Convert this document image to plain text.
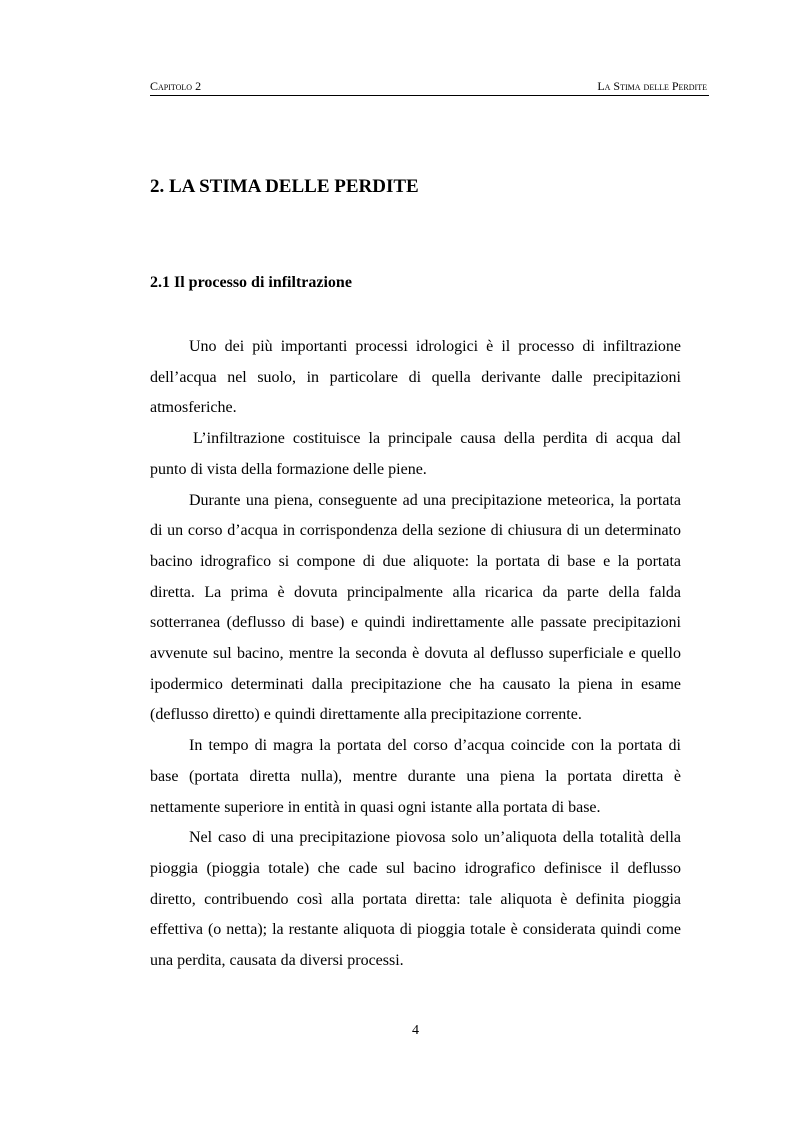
Capitolo 2	La Stima delle Perdite
2. LA STIMA DELLE PERDITE
2.1 Il processo di infiltrazione

Uno dei più importanti processi idrologici è il processo di infiltrazione dell’acqua nel suolo, in particolare di quella derivante dalle precipitazioni atmosferiche.

L’infiltrazione costituisce la principale causa della perdita di acqua dal punto di vista della formazione delle piene.

Durante una piena, conseguente ad una precipitazione meteorica, la portata di un corso d’acqua in corrispondenza della sezione di chiusura di un determinato bacino idrografico si compone di due aliquote: la portata di base e la portata diretta. La prima è dovuta principalmente alla ricarica da parte della falda sotterranea (deflusso di base) e quindi indirettamente alle passate precipitazioni avvenute sul bacino, mentre la seconda è dovuta al deflusso superficiale e quello ipodermico determinati dalla precipitazione che ha causato la piena in esame (deflusso diretto) e quindi direttamente alla precipitazione corrente.

In tempo di magra la portata del corso d’acqua coincide con la portata di base (portata diretta nulla), mentre durante una piena la portata diretta è nettamente superiore in entità in quasi ogni istante alla portata di base.

Nel caso di una precipitazione piovosa solo un’aliquota della totalità della pioggia (pioggia totale) che cade sul bacino idrografico definisce il deflusso diretto, contribuendo così alla portata diretta: tale aliquota è definita pioggia effettiva (o netta); la restante aliquota di pioggia totale è considerata quindi come una perdita, causata da diversi processi.

4
